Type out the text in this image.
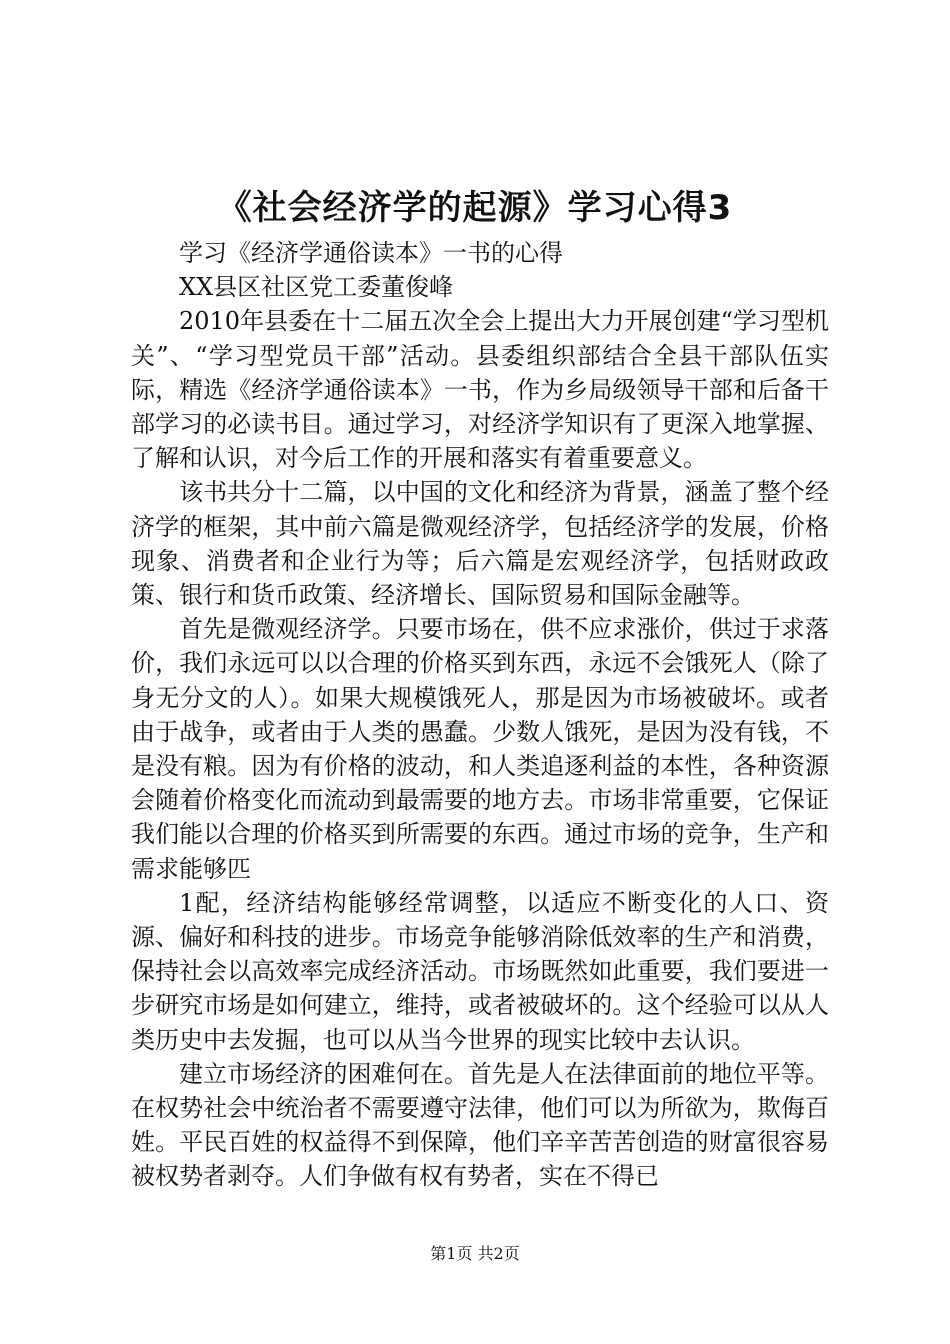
《社会经济学的起源》学习心得3

学习《经济学通俗读本》一书的心得

XX县区社区党工委董俊峰

2010年县委在十二届五次全会上提出大力开展创建“学习型机关”、“学习型党员干部”活动。县委组织部结合全县干部队伍实际，精选《经济学通俗读本》一书，作为乡局级领导干部和后备干部学习的必读书目。通过学习，对经济学知识有了更深入地掌握、了解和认识，对今后工作的开展和落实有着重要意义。

该书共分十二篇，以中国的文化和经济为背景，涵盖了整个经济学的框架，其中前六篇是微观经济学，包括经济学的发展，价格现象、消费者和企业行为等；后六篇是宏观经济学，包括财政政策、银行和货币政策、经济增长、国际贸易和国际金融等。

首先是微观经济学。只要市场在，供不应求涨价，供过于求落价，我们永远可以以合理的价格买到东西，永远不会饿死人（除了身无分文的人）。如果大规模饿死人，那是因为市场被破坏。或者由于战争，或者由于人类的愚蠢。少数人饿死，是因为没有钱，不是没有粮。因为有价格的波动，和人类追逐利益的本性，各种资源会随着价格变化而流动到最需要的地方去。市场非常重要，它保证我们能以合理的价格买到所需要的东西。通过市场的竞争，生产和需求能够匹

1配，经济结构能够经常调整，以适应不断变化的人口、资源、偏好和科技的进步。市场竞争能够消除低效率的生产和消费，保持社会以高效率完成经济活动。市场既然如此重要，我们要进一步研究市场是如何建立，维持，或者被破坏的。这个经验可以从人类历史中去发掘，也可以从当今世界的现实比较中去认识。

建立市场经济的困难何在。首先是人在法律面前的地位平等。在权势社会中统治者不需要遵守法律，他们可以为所欲为，欺侮百姓。平民百姓的权益得不到保障，他们辛辛苦苦创造的财富很容易被权势者剥夺。人们争做有权有势者，实在不得已

第1页 共2页
